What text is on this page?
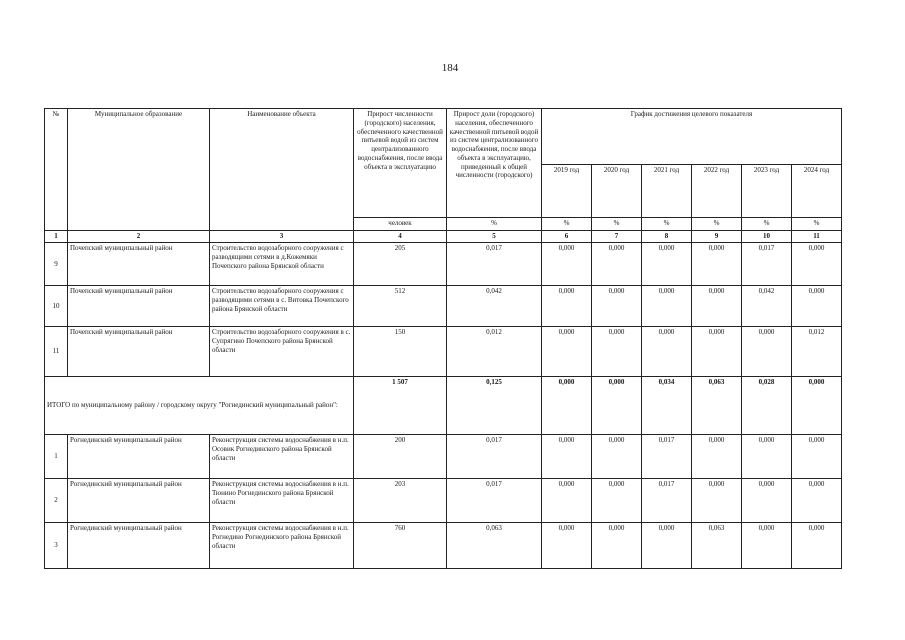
184
№	Муниципальное образование	Наименование объекта	Прирост численности (городского) населения, обеспеченного качественной питьевой водой из систем централизованного водоснабжения, после ввода объекта в эксплуатацию	Прирост доли (городского) населения, обеспеченного качественной питьевой водой из систем централизованного водоснабжения, после ввода объекта в эксплуатацию, приведенный к общей численности (городского)	График достижения целевого показателя					
					2019 год	2020 год	2021 год	2022 год	2023 год	2024 год
			человек	%	%	%	%	%	%	%
1	2	3	4	5	6	7	8	9	10	11
9	Почепский муниципальный район	Строительство водозаборного сооружения с разводящими сетями в д.Кожемяки Почепского района Брянской области	205	0,017	0,000	0,000	0,000	0,000	0,017	0,000
10	Почепский муниципальный район	Строительство водозаборного сооружения с разводящими сетями в с. Витовка Почепского района Брянской области	512	0,042	0,000	0,000	0,000	0,000	0,042	0,000
11	Почепский муниципальный район	Строительство водозаборного сооружения в с. Супрягино Почепского района Брянской области	150	0,012	0,000	0,000	0,000	0,000	0,000	0,012
ИТОГО по муниципальному району / городскому округу "Рогнединский муниципальный район":			1 507	0,125	0,000	0,000	0,034	0,063	0,028	0,000
1	Рогнединский муниципальный район	Реконструкция системы водоснабжения в н.п. Осовик Рогнединского района Брянской области	200	0,017	0,000	0,000	0,017	0,000	0,000	0,000
2	Рогнединский муниципальный район	Реконструкция системы водоснабжения в н.п. Тюнино Рогнединского района Брянской области	203	0,017	0,000	0,000	0,017	0,000	0,000	0,000
3	Рогнединский муниципальный район	Реконструкция системы водоснабжения в н.п. Рогнедино Рогнединского района Брянской области	760	0,063	0,000	0,000	0,000	0,063	0,000	0,000
